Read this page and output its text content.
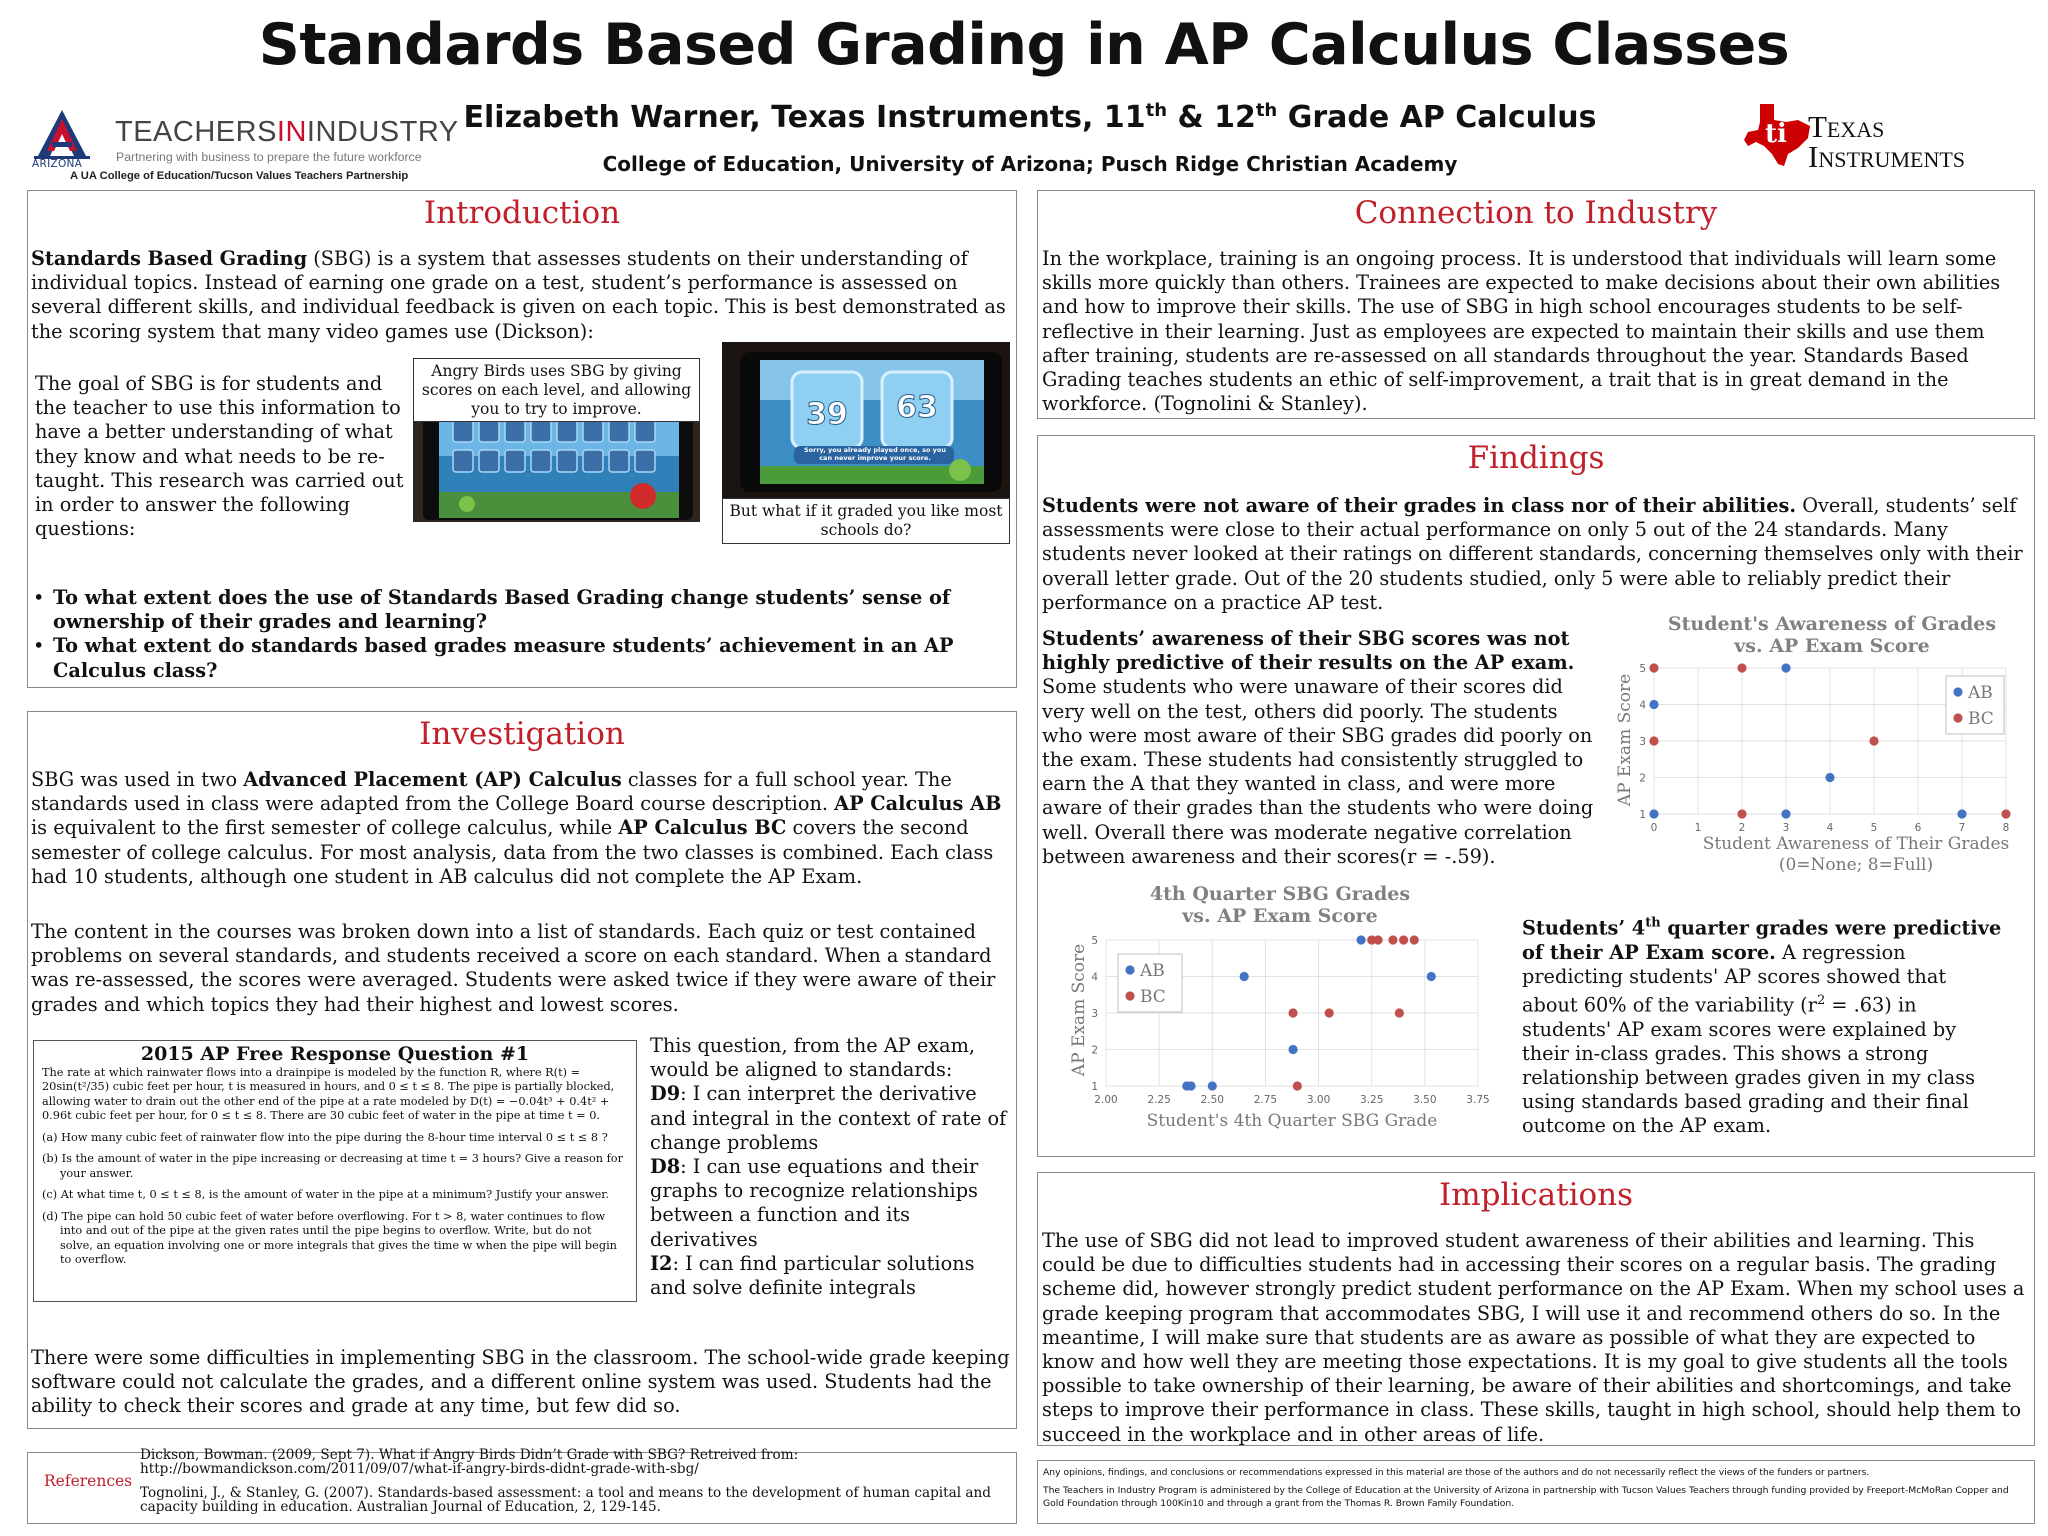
Standards Based Grading in AP Calculus Classes
Elizabeth Warner, Texas Instruments, 11th & 12th Grade AP Calculus
College of Education, University of Arizona; Pusch Ridge Christian Academy
ARIZONA
TEACHERSININDUSTRY
Partnering with business to prepare the future workforce
A UA College of Education/Tucson Values Teachers Partnership
ti Texas
Instruments
Introduction
Standards Based Grading (SBG) is a system that assesses students on their understanding of individual topics. Instead of earning one grade on a test, student’s performance is assessed on several different skills, and individual feedback is given on each topic. This is best demonstrated as the scoring system that many video games use (Dickson):
The goal of SBG is for students and the teacher to use this information to have a better understanding of what they know and what needs to be re-taught. This research was carried out in order to answer the following questions:
Angry Birds uses SBG by giving scores on each level, and allowing you to try to improve.	39 63
Sorry, you already played once, so you can never improve your score.
But what if it graded you like most schools do?
• To what extent does the use of Standards Based Grading change students’ sense of ownership of their grades and learning?
• To what extent do standards based grades measure students’ achievement in an AP Calculus class?
Investigation
SBG was used in two Advanced Placement (AP) Calculus classes for a full school year. The standards used in class were adapted from the College Board course description. AP Calculus AB is equivalent to the first semester of college calculus, while AP Calculus BC covers the second semester of college calculus. For most analysis, data from the two classes is combined. Each class had 10 students, although one student in AB calculus did not complete the AP Exam.
The content in the courses was broken down into a list of standards. Each quiz or test contained problems on several standards, and students received a score on each standard. When a standard was re-assessed, the scores were averaged. Students were asked twice if they were aware of their grades and which topics they had their highest and lowest scores.
2015 AP Free Response Question #1

The rate at which rainwater flows into a drainpipe is modeled by the function R, where R(t) = 20sin(t²/35) cubic feet per hour, t is measured in hours, and 0 ≤ t ≤ 8. The pipe is partially blocked, allowing water to drain out the other end of the pipe at a rate modeled by D(t) = −0.04t³ + 0.4t² + 0.96t cubic feet per hour, for 0 ≤ t ≤ 8. There are 30 cubic feet of water in the pipe at time t = 0.

(a) How many cubic feet of rainwater flow into the pipe during the 8-hour time interval 0 ≤ t ≤ 8 ?

(b) Is the amount of water in the pipe increasing or decreasing at time t = 3 hours? Give a reason for your answer.

(c) At what time t, 0 ≤ t ≤ 8, is the amount of water in the pipe at a minimum? Justify your answer.

(d) The pipe can hold 50 cubic feet of water before overflowing. For t > 8, water continues to flow into and out of the pipe at the given rates until the pipe begins to overflow. Write, but do not solve, an equation involving one or more integrals that gives the time w when the pipe will begin to overflow.

This question, from the AP exam, would be aligned to standards:
D9: I can interpret the derivative and integral in the context of rate of change problems
D8: I can use equations and their graphs to recognize relationships between a function and its derivatives
I2: I can find particular solutions and solve definite integrals
There were some difficulties in implementing SBG in the classroom. The school-wide grade keeping software could not calculate the grades, and a different online system was used. Students had the ability to check their scores and grade at any time, but few did so.
References
Dickson, Bowman. (2009, Sept 7). What if Angry Birds Didn’t Grade with SBG? Retreived from: http://bowmandickson.com/2011/09/07/what-if-angry-birds-didnt-grade-with-sbg/
Tognolini, J., & Stanley, G. (2007). Standards-based assessment: a tool and means to the development of human capital and capacity building in education. Australian Journal of Education, 2, 129-145.
Connection to Industry
In the workplace, training is an ongoing process. It is understood that individuals will learn some skills more quickly than others. Trainees are expected to make decisions about their own abilities and how to improve their skills. The use of SBG in high school encourages students to be self-reflective in their learning. Just as employees are expected to maintain their skills and use them after training, students are re-assessed on all standards throughout the year. Standards Based Grading teaches students an ethic of self-improvement, a trait that is in great demand in the workforce. (Tognolini & Stanley).
Findings
Students were not aware of their grades in class nor of their abilities. Overall, students’ self assessments were close to their actual performance on only 5 out of the 24 standards. Many students never looked at their ratings on different standards, concerning themselves only with their overall letter grade. Out of the 20 students studied, only 5 were able to reliably predict their performance on a practice AP test.
Students’ awareness of their SBG scores was not highly predictive of their results on the AP exam. Some students who were unaware of their scores did very well on the test, others did poorly. The students who were most aware of their SBG grades did poorly on the exam. These students had consistently struggled to earn the A that they wanted in class, and were more aware of their grades than the students who were doing well. Overall there was moderate negative correlation between awareness and their scores(r = -.59).
Students’ 4th quarter grades were predictive of their AP Exam score. A regression predicting students' AP scores showed that about 60% of the variability $(r^2 = .63)$ in students' AP exam scores were explained by their in-class grades. This shows a strong relationship between grades given in my class using standards based grading and their final outcome on the AP exam.
Student's Awareness of Grades
vs. AP Exam Score
1
2
3
4
5
0	1	2	3	4	5	6	7	8
AB
BC
Student Awareness of Their Grades
(0=None; 8=Full)
AP Exam Score
4th Quarter SBG Grades
vs. AP Exam Score
1
2
3
4
5
2.00	2.25	2.50	2.75	3.00	3.25	3.50	3.75
AB
BC
Student's 4th Quarter SBG Grade
AP Exam Score
Implications
The use of SBG did not lead to improved student awareness of their abilities and learning. This could be due to difficulties students had in accessing their scores on a regular basis. The grading scheme did, however strongly predict student performance on the AP Exam. When my school uses a grade keeping program that accommodates SBG, I will use it and recommend others do so. In the meantime, I will make sure that students are as aware as possible of what they are expected to know and how well they are meeting those expectations. It is my goal to give students all the tools possible to take ownership of their learning, be aware of their abilities and shortcomings, and take steps to improve their performance in class. These skills, taught in high school, should help them to succeed in the workplace and in other areas of life.
Any opinions, findings, and conclusions or recommendations expressed in this material are those of the authors and do not necessarily reflect the views of the funders or partners.
The Teachers in Industry Program is administered by the College of Education at the University of Arizona in partnership with Tucson Values Teachers through funding provided by Freeport-McMoRan Copper and Gold Foundation through 100Kin10 and through a grant from the Thomas R. Brown Family Foundation.
